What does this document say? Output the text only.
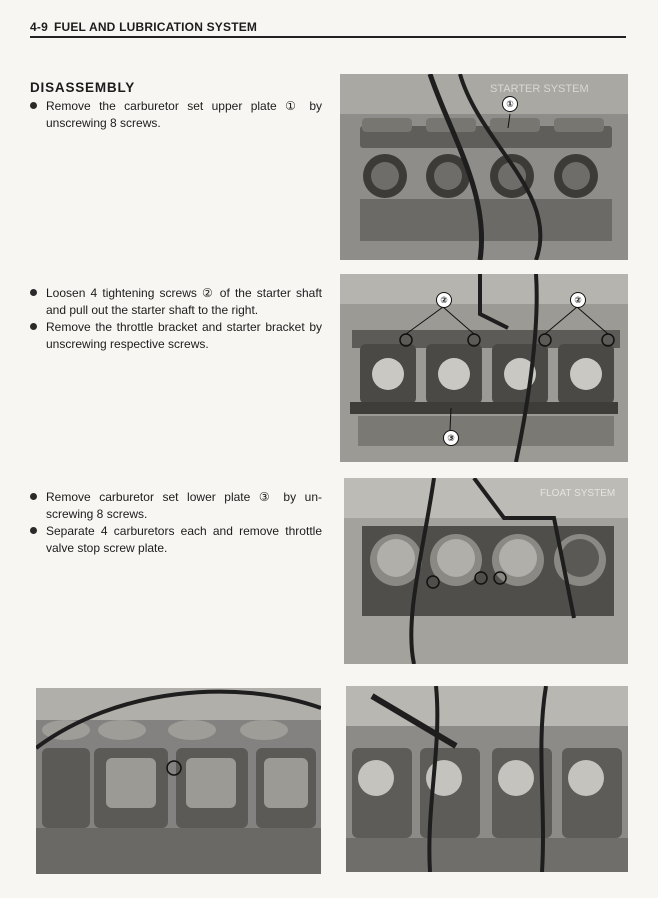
4-9 FUEL AND LUBRICATION SYSTEM
DISASSEMBLY
Remove the carburetor set upper plate ① by unscrewing 8 screws.
Loosen 4 tightening screws ② of the starter shaft and pull out the starter shaft to the right.
Remove the throttle bracket and starter bracket by unscrewing respective screws.
Remove carburetor set lower plate ③ by un-screwing 8 screws.
Separate 4 carburetors each and remove throttle valve stop screw plate.
STARTER SYSTEM
①
②	②
③
FLOAT SYSTEM
